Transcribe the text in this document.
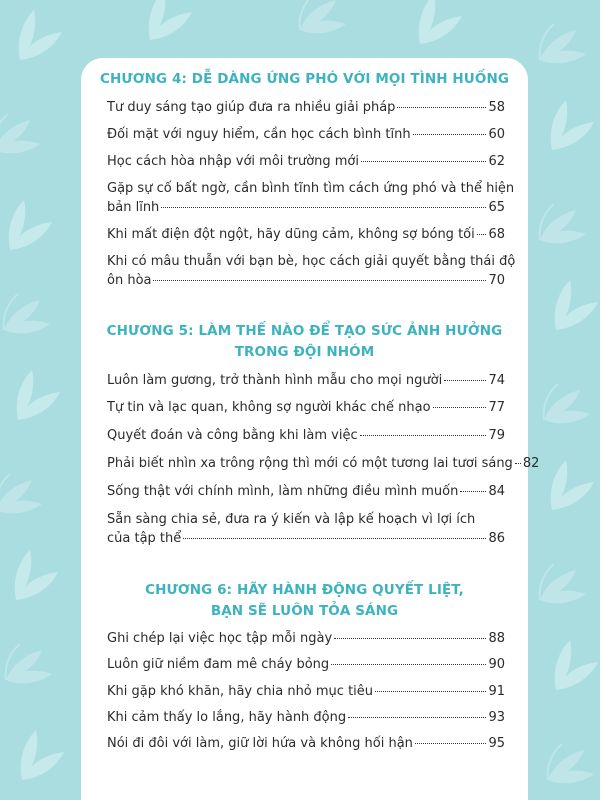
CHƯƠNG 4: DỄ DÀNG ỨNG PHÓ VỚI MỌI TÌNH HUỐNG
Tư duy sáng tạo giúp đưa ra nhiều giải pháp	58
Đối mặt với nguy hiểm, cần học cách bình tĩnh	60
Học cách hòa nhập với môi trường mới	62
Gặp sự cố bất ngờ, cần bình tĩnh tìm cách ứng phó và thể hiện
bản lĩnh	65
Khi mất điện đột ngột, hãy dũng cảm, không sợ bóng tối 68
Khi có mâu thuẫn với bạn bè, học cách giải quyết bằng thái độ
ôn hòa	70
CHƯƠNG 5: LÀM THẾ NÀO ĐỂ TẠO SỨC ẢNH HƯỞNG
TRONG ĐỘI NHÓM
Luôn làm gương, trở thành hình mẫu cho mọi người	74
Tự tin và lạc quan, không sợ người khác chế nhạo	77
Quyết đoán và công bằng khi làm việc	79
Phải biết nhìn xa trông rộng thì mới có một tương lai tươi sáng 82
Sống thật với chính mình, làm những điều mình muốn 84
Sẵn sàng chia sẻ, đưa ra ý kiến và lập kế hoạch vì lợi ích
của tập thể	86
CHƯƠNG 6: HÃY HÀNH ĐỘNG QUYẾT LIỆT,
BẠN SẼ LUÔN TỎA SÁNG
Ghi chép lại việc học tập mỗi ngày	88
Luôn giữ niềm đam mê cháy bỏng	90
Khi gặp khó khăn, hãy chia nhỏ mục tiêu	91
Khi cảm thấy lo lắng, hãy hành động	93
Nói đi đôi với làm, giữ lời hứa và không hối hận	95
